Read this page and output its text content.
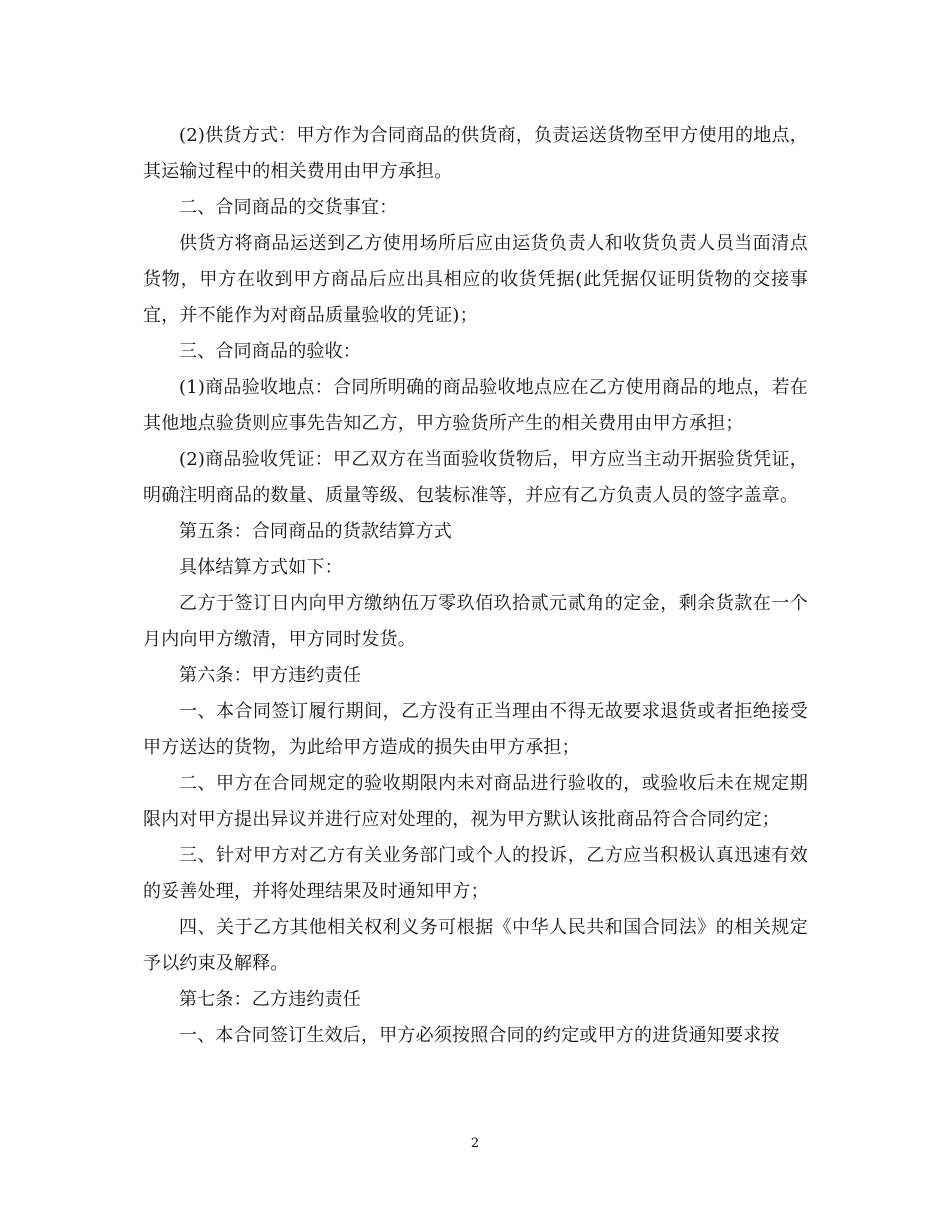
(2)供货方式：甲方作为合同商品的供货商，负责运送货物至甲方使用的地点，其运输过程中的相关费用由甲方承担。

二、合同商品的交货事宜：

供货方将商品运送到乙方使用场所后应由运货负责人和收货负责人员当面清点货物，甲方在收到甲方商品后应出具相应的收货凭据(此凭据仅证明货物的交接事宜，并不能作为对商品质量验收的凭证)；

三、合同商品的验收：

(1)商品验收地点：合同所明确的商品验收地点应在乙方使用商品的地点，若在其他地点验货则应事先告知乙方，甲方验货所产生的相关费用由甲方承担；

(2)商品验收凭证：甲乙双方在当面验收货物后，甲方应当主动开据验货凭证，明确注明商品的数量、质量等级、包装标准等，并应有乙方负责人员的签字盖章。

第五条：合同商品的货款结算方式

具体结算方式如下：

乙方于签订日内向甲方缴纳伍万零玖佰玖拾贰元贰角的定金，剩余货款在一个月内向甲方缴清，甲方同时发货。

第六条：甲方违约责任

一、本合同签订履行期间，乙方没有正当理由不得无故要求退货或者拒绝接受甲方送达的货物，为此给甲方造成的损失由甲方承担；

二、甲方在合同规定的验收期限内未对商品进行验收的，或验收后未在规定期限内对甲方提出异议并进行应对处理的，视为甲方默认该批商品符合合同约定；

三、针对甲方对乙方有关业务部门或个人的投诉，乙方应当积极认真迅速有效的妥善处理，并将处理结果及时通知甲方；

四、关于乙方其他相关权利义务可根据《中华人民共和国合同法》的相关规定予以约束及解释。

第七条：乙方违约责任

一、本合同签订生效后，甲方必须按照合同的约定或甲方的进货通知要求按

2
